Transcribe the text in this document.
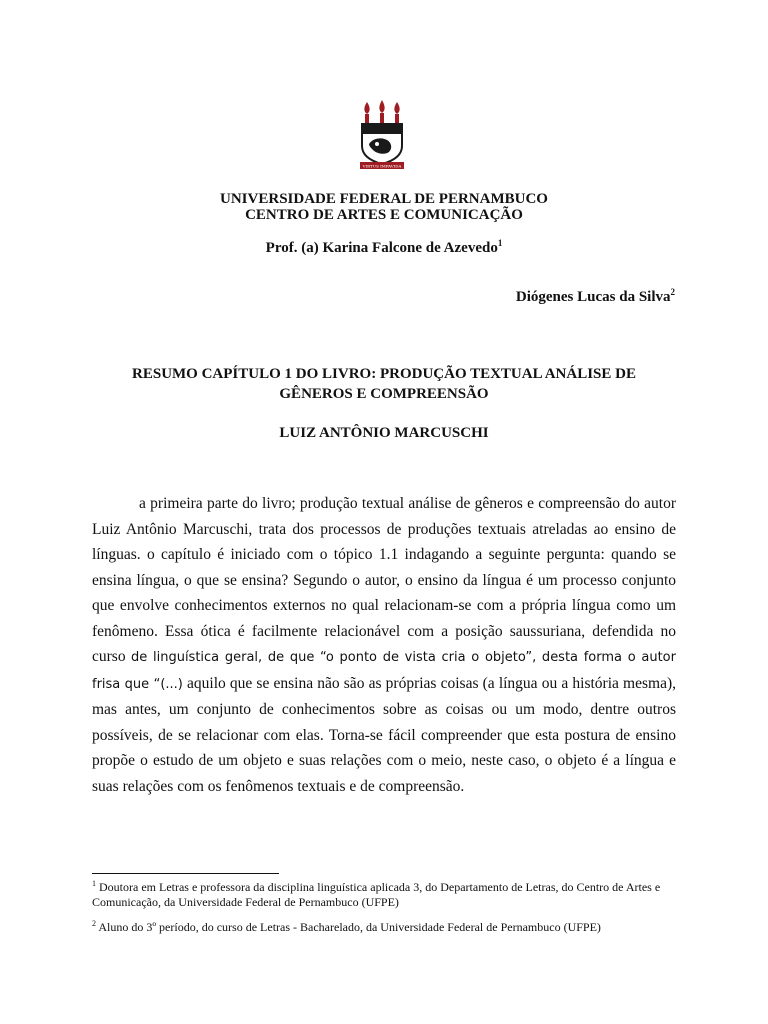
VIRTUS IMPAVIDA
UNIVERSIDADE FEDERAL DE PERNAMBUCO
CENTRO DE ARTES E COMUNICAÇÃO
Prof. (a) Karina Falcone de Azevedo$^1$
Diógenes Lucas da Silva$^2$
RESUMO CAPÍTULO 1 DO LIVRO: PRODUÇÃO TEXTUAL ANÁLISE DE
GÊNEROS E COMPREENSÃO
LUIZ ANTÔNIO MARCUSCHI

a primeira parte do livro; produção textual análise de gêneros e compreensão do autor Luiz Antônio Marcuschi, trata dos processos de produções textuais atreladas ao ensino de línguas. o capítulo é iniciado com o tópico 1.1 indagando a seguinte pergunta: quando se ensina língua, o que se ensina? Segundo o autor, o ensino da língua é um processo conjunto que envolve conhecimentos externos no qual relacionam-se com a própria língua como um fenômeno. Essa ótica é facilmente relacionável com a posição saussuriana, defendida no curso de linguística geral, de que “o ponto de vista cria o objeto”, desta forma o autor frisa que “(...) aquilo que se ensina não são as próprias coisas (a língua ou a história mesma), mas antes, um conjunto de conhecimentos sobre as coisas ou um modo, dentre outros possíveis, de se relacionar com elas. Torna-se fácil compreender que esta postura de ensino propõe o estudo de um objeto e suas relações com o meio, neste caso, o objeto é a língua e suas relações com os fenômenos textuais e de compreensão.

$^1$ Doutora em Letras e professora da disciplina linguística aplicada 3, do Departamento de Letras, do Centro de Artes e Comunicação, da Universidade Federal de Pernambuco (UFPE)

$^2$ Aluno do 3º período, do curso de Letras - Bacharelado, da Universidade Federal de Pernambuco (UFPE)
